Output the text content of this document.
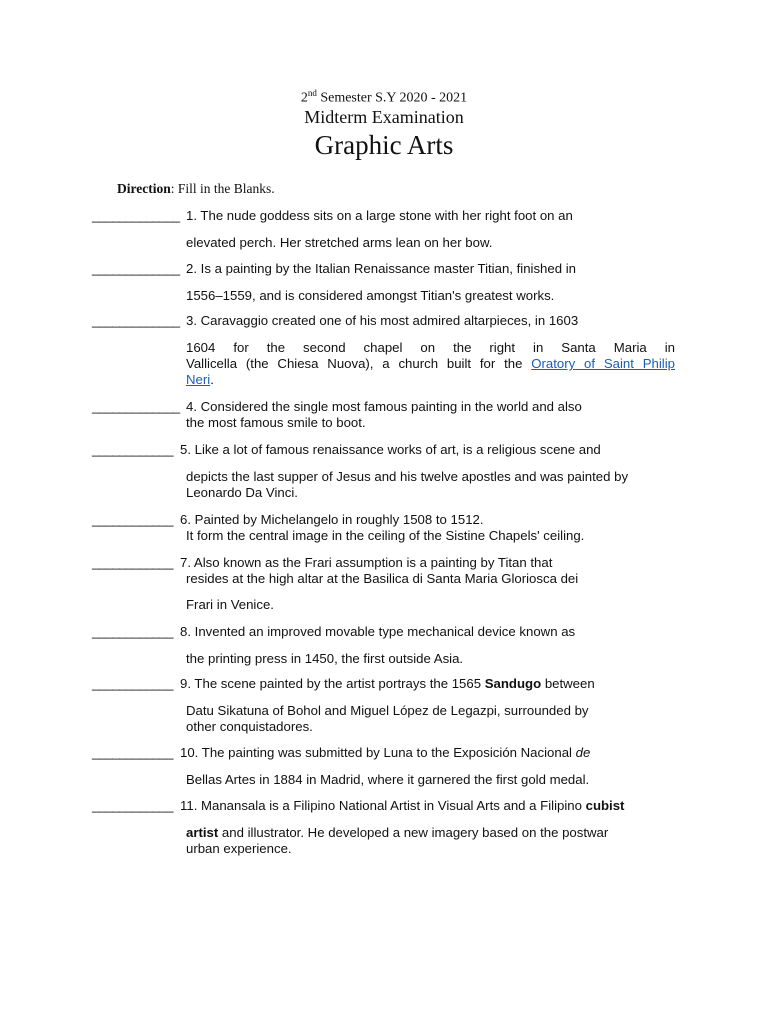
2nd Semester S.Y 2020 - 2021
Midterm Examination
Graphic Arts
Direction: Fill in the Blanks.
_____________ 1. The nude goddess sits on a large stone with her right foot on an
elevated perch. Her stretched arms lean on her bow.
_____________ 2. Is a painting by the Italian Renaissance master Titian, finished in
1556–1559, and is considered amongst Titian's greatest works.
_____________ 3. Caravaggio created one of his most admired altarpieces, in 1603
1604 for the second chapel on the right in Santa Maria in
Vallicella (the Chiesa Nuova), a church built for the Oratory of Saint Philip
Neri.
_____________ 4. Considered the single most famous painting in the world and also
the most famous smile to boot.
____________ 5. Like a lot of famous renaissance works of art, is a religious scene and
depicts the last supper of Jesus and his twelve apostles and was painted by
Leonardo Da Vinci.
____________ 6. Painted by Michelangelo in roughly 1508 to 1512.
It form the central image in the ceiling of the Sistine Chapels' ceiling.
____________ 7. Also known as the Frari assumption is a painting by Titan that
resides at the high altar at the Basilica di Santa Maria Gloriosca dei
Frari in Venice.
____________ 8. Invented an improved movable type mechanical device known as
the printing press in 1450, the first outside Asia.
____________ 9. The scene painted by the artist portrays the 1565 Sandugo between
Datu Sikatuna of Bohol and Miguel López de Legazpi, surrounded by
other conquistadores.
____________ 10. The painting was submitted by Luna to the Exposición Nacional de
Bellas Artes in 1884 in Madrid, where it garnered the first gold medal.
____________ 11. Manansala is a Filipino National Artist in Visual Arts and a Filipino cubist
artist and illustrator. He developed a new imagery based on the postwar
urban experience.
